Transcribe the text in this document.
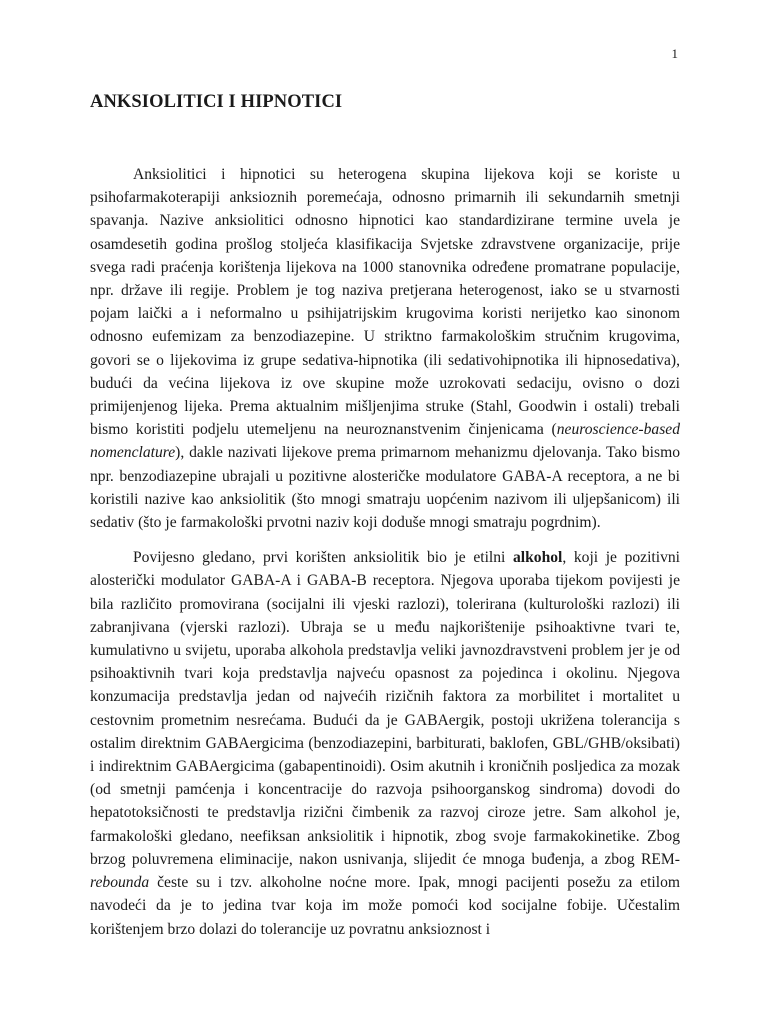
1
ANKSIOLITICI I HIPNOTICI

Anksiolitici i hipnotici su heterogena skupina lijekova koji se koriste u psihofarmakoterapiji anksioznih poremećaja, odnosno primarnih ili sekundarnih smetnji spavanja. Nazive anksiolitici odnosno hipnotici kao standardizirane termine uvela je osamdesetih godina prošlog stoljeća klasifikacija Svjetske zdravstvene organizacije, prije svega radi praćenja korištenja lijekova na 1000 stanovnika određene promatrane populacije, npr. države ili regije. Problem je tog naziva pretjerana heterogenost, iako se u stvarnosti pojam laički a i neformalno u psihijatrijskim krugovima koristi nerijetko kao sinonom odnosno eufemizam za benzodiazepine. U striktno farmakološkim stručnim krugovima, govori se o lijekovima iz grupe sedativa-hipnotika (ili sedativohipnotika ili hipnosedativa), budući da većina lijekova iz ove skupine može uzrokovati sedaciju, ovisno o dozi primijenjenog lijeka. Prema aktualnim mišljenjima struke (Stahl, Goodwin i ostali) trebali bismo koristiti podjelu utemeljenu na neuroznanstvenim činjenicama (neuroscience-based nomenclature), dakle nazivati lijekove prema primarnom mehanizmu djelovanja. Tako bismo npr. benzodiazepine ubrajali u pozitivne alosteričke modulatore GABA-A receptora, a ne bi koristili nazive kao anksiolitik (što mnogi smatraju uopćenim nazivom ili uljepšanicom) ili sedativ (što je farmakološki prvotni naziv koji doduše mnogi smatraju pogrdnim).

Povijesno gledano, prvi korišten anksiolitik bio je etilni alkohol, koji je pozitivni alosterički modulator GABA-A i GABA-B receptora. Njegova uporaba tijekom povijesti je bila različito promovirana (socijalni ili vjeski razlozi), tolerirana (kulturološki razlozi) ili zabranjivana (vjerski razlozi). Ubraja se u među najkorištenije psihoaktivne tvari te, kumulativno u svijetu, uporaba alkohola predstavlja veliki javnozdravstveni problem jer je od psihoaktivnih tvari koja predstavlja najveću opasnost za pojedinca i okolinu. Njegova konzumacija predstavlja jedan od najvećih rizičnih faktora za morbilitet i mortalitet u cestovnim prometnim nesrećama. Budući da je GABAergik, postoji ukrižena tolerancija s ostalim direktnim GABAergicima (benzodiazepini, barbiturati, baklofen, GBL/GHB/oksibati) i indirektnim GABAergicima (gabapentinoidi). Osim akutnih i kroničnih posljedica za mozak (od smetnji pamćenja i koncentracije do razvoja psihoorganskog sindroma) dovodi do hepatotoksičnosti te predstavlja rizični čimbenik za razvoj ciroze jetre. Sam alkohol je, farmakološki gledano, neefiksan anksiolitik i hipnotik, zbog svoje farmakokinetike. Zbog brzog poluvremena eliminacije, nakon usnivanja, slijedit će mnoga buđenja, a zbog REM-rebounda česte su i tzv. alkoholne noćne more. Ipak, mnogi pacijenti posežu za etilom navodeći da je to jedina tvar koja im može pomoći kod socijalne fobije. Učestalim korištenjem brzo dolazi do tolerancije uz povratnu anksioznost i
